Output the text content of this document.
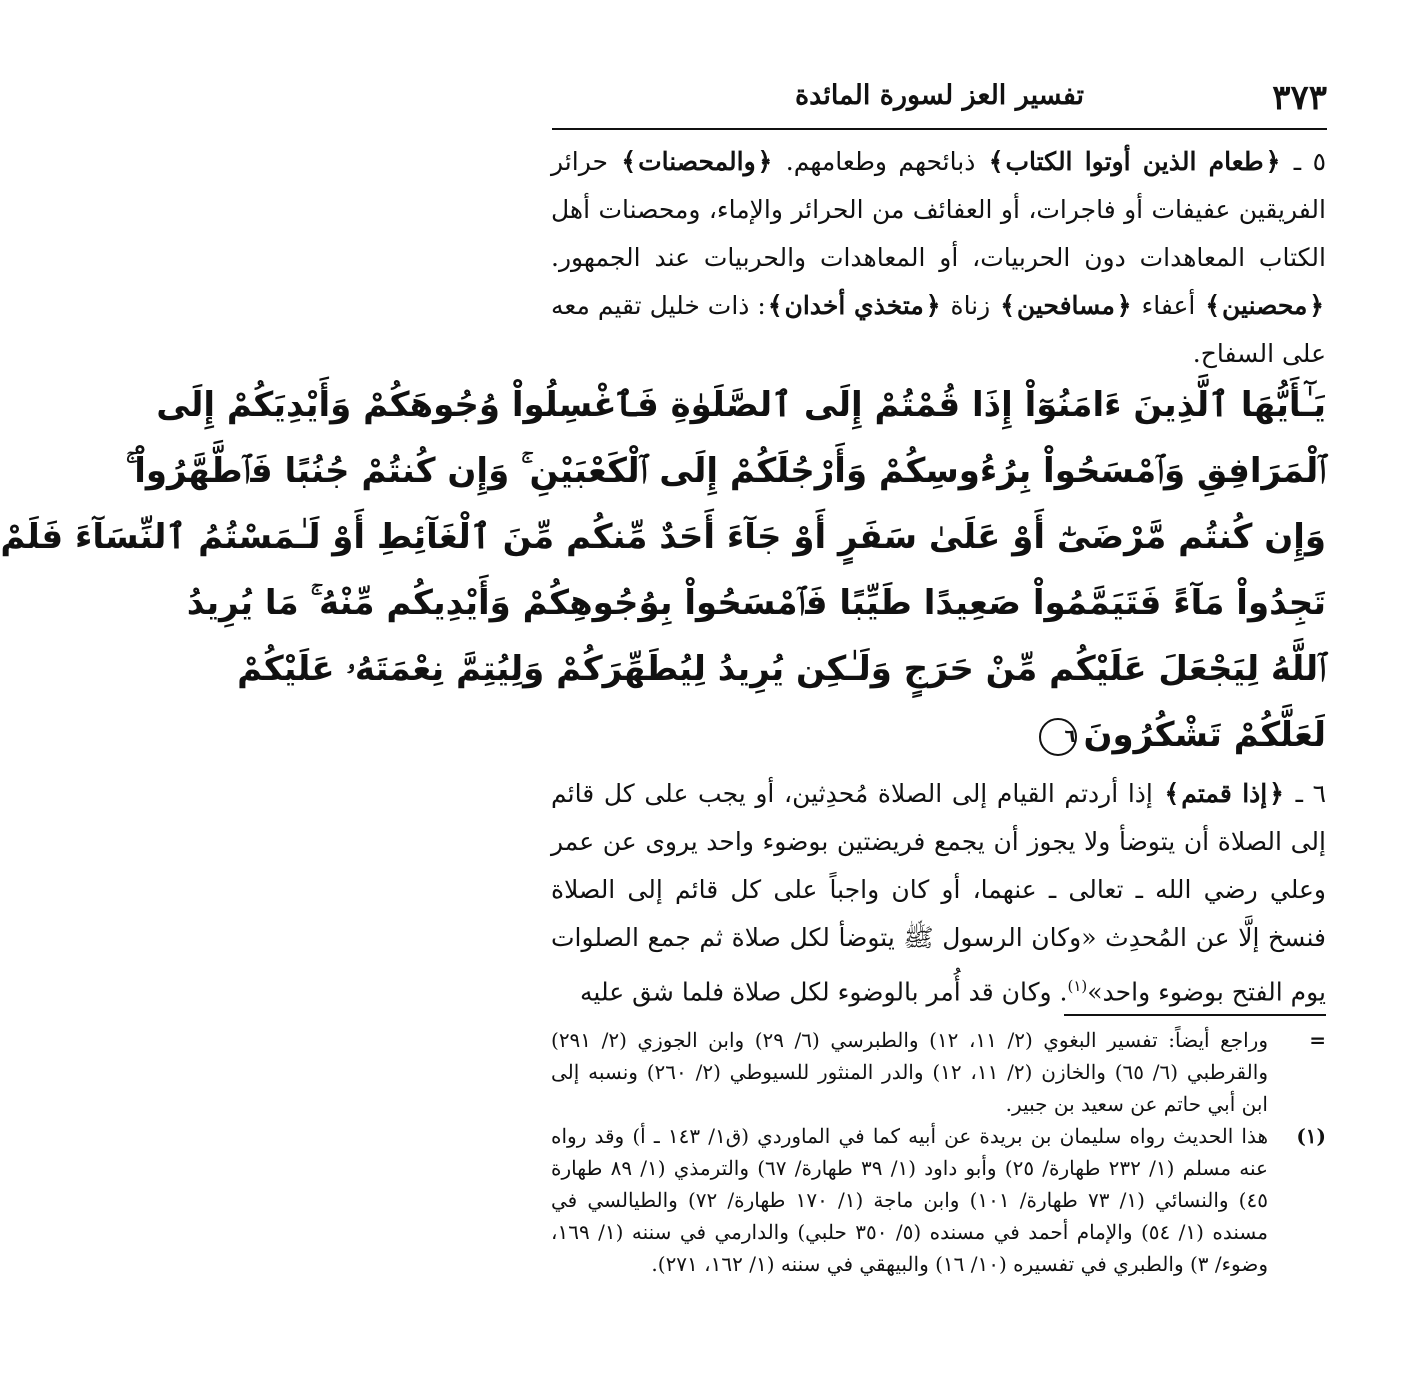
٣٧٣
تفسير العز لسورة المائدة

٥ ـ ﴿طعام الذين أوتوا الكتاب﴾ ذبائحهم وطعامهم. ﴿والمحصنات﴾ حرائر الفريقين عفيفات أو فاجرات، أو العفائف من الحرائر والإماء، ومحصنات أهل الكتاب المعاهدات دون الحربيات، أو المعاهدات والحربيات عند الجمهور. ﴿محصنين﴾ أعفاء ﴿مسافحين﴾ زناة ﴿متخذي أخدان﴾: ذات خليل تقيم معه على السفاح.

يَـٰٓأَيُّهَا ٱلَّذِينَ ءَامَنُوٓاْ إِذَا قُمْتُمْ إِلَى ٱلصَّلَوٰةِ فَٱغْسِلُواْ وُجُوهَكُمْ وَأَيْدِيَكُمْ إِلَى
ٱلْمَرَافِقِ وَٱمْسَحُواْ بِرُءُوسِكُمْ وَأَرْجُلَكُمْ إِلَى ٱلْكَعْبَيْنِ ۚ وَإِن كُنتُمْ جُنُبًا فَٱطَّهَّرُواْ ۚ
وَإِن كُنتُم مَّرْضَىٰٓ أَوْ عَلَىٰ سَفَرٍ أَوْ جَآءَ أَحَدٌ مِّنكُم مِّنَ ٱلْغَآئِطِ أَوْ لَـٰمَسْتُمُ ٱلنِّسَآءَ فَلَمْ
تَجِدُواْ مَآءً فَتَيَمَّمُواْ صَعِيدًا طَيِّبًا فَٱمْسَحُواْ بِوُجُوهِكُمْ وَأَيْدِيكُم مِّنْهُ ۚ مَا يُرِيدُ
ٱللَّهُ لِيَجْعَلَ عَلَيْكُم مِّنْ حَرَجٍ وَلَـٰكِن يُرِيدُ لِيُطَهِّرَكُمْ وَلِيُتِمَّ نِعْمَتَهُۥ عَلَيْكُمْ
لَعَلَّكُمْ تَشْكُرُونَ٦

٦ ـ ﴿إذا قمتم﴾ إذا أردتم القيام إلى الصلاة مُحدِثين، أو يجب على كل قائم إلى الصلاة أن يتوضأ ولا يجوز أن يجمع فريضتين بوضوء واحد يروى عن عمر وعلي رضي الله ـ تعالى ـ عنهما، أو كان واجباً على كل قائم إلى الصلاة فنسخ إلَّا عن المُحدِث «وكان الرسول ﷺ يتوضأ لكل صلاة ثم جمع الصلوات يوم الفتح بوضوء واحد»$^{(١)}$. وكان قد أُمر بالوضوء لكل صلاة فلما شق عليه

=
وراجع أيضاً: تفسير البغوي (٢/ ١١، ١٢) والطبرسي (٦/ ٢٩) وابن الجوزي (٢/ ٢٩١) والقرطبي (٦/ ٦٥) والخازن (٢/ ١١، ١٢) والدر المنثور للسيوطي (٢/ ٢٦٠) ونسبه إلى ابن أبي حاتم عن سعيد بن جبير.
(١)
هذا الحديث رواه سليمان بن بريدة عن أبيه كما في الماوردي (ق١/ ١٤٣ ـ أ) وقد رواه عنه مسلم (١/ ٢٣٢ طهارة/ ٢٥) وأبو داود (١/ ٣٩ طهارة/ ٦٧) والترمذي (١/ ٨٩ طهارة ٤٥) والنسائي (١/ ٧٣ طهارة/ ١٠١) وابن ماجة (١/ ١٧٠ طهارة/ ٧٢) والطيالسي في مسنده (١/ ٥٤) والإمام أحمد في مسنده (٥/ ٣٥٠ حلبي) والدارمي في سننه (١/ ١٦٩، وضوء/ ٣) والطبري في تفسيره (١٠/ ١٦) والبيهقي في سننه (١/ ١٦٢، ٢٧١).
